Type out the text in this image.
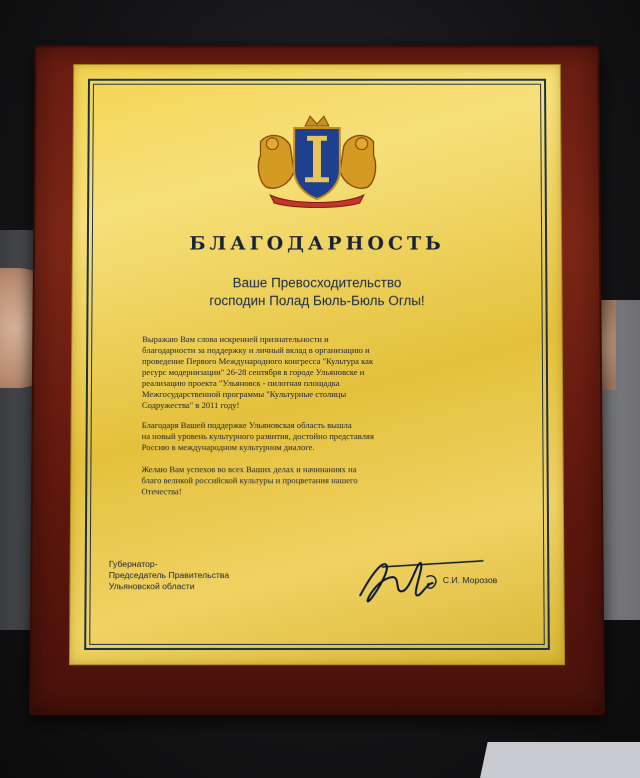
БЛАГОДАРНОСТЬ
Ваше Превосходительство
господин Полад Бюль-Бюль Оглы!
Выражаю Вам слова искренней признательности и
благодарности за поддержку и личный вклад в организацию и
проведение Первого Международного конгресса "Культура как
ресурс модернизации" 26-28 сентября в городе Ульяновске и
реализацию проекта "Ульяновск - пилотная площадка
Межгосударственной программы "Культурные столицы
Содружества" в 2011 году!
Благодаря Вашей поддержке Ульяновская область вышла
на новый уровень культурного развития, достойно представляя
Россию в международном культурном диалоге.
Желаю Вам успехов во всех Ваших делах и начинаниях на
благо великой российской культуры и процветания нашего
Отечества!
Губернатор-
Председатель Правительства
Ульяновской области
С.И. Морозов
